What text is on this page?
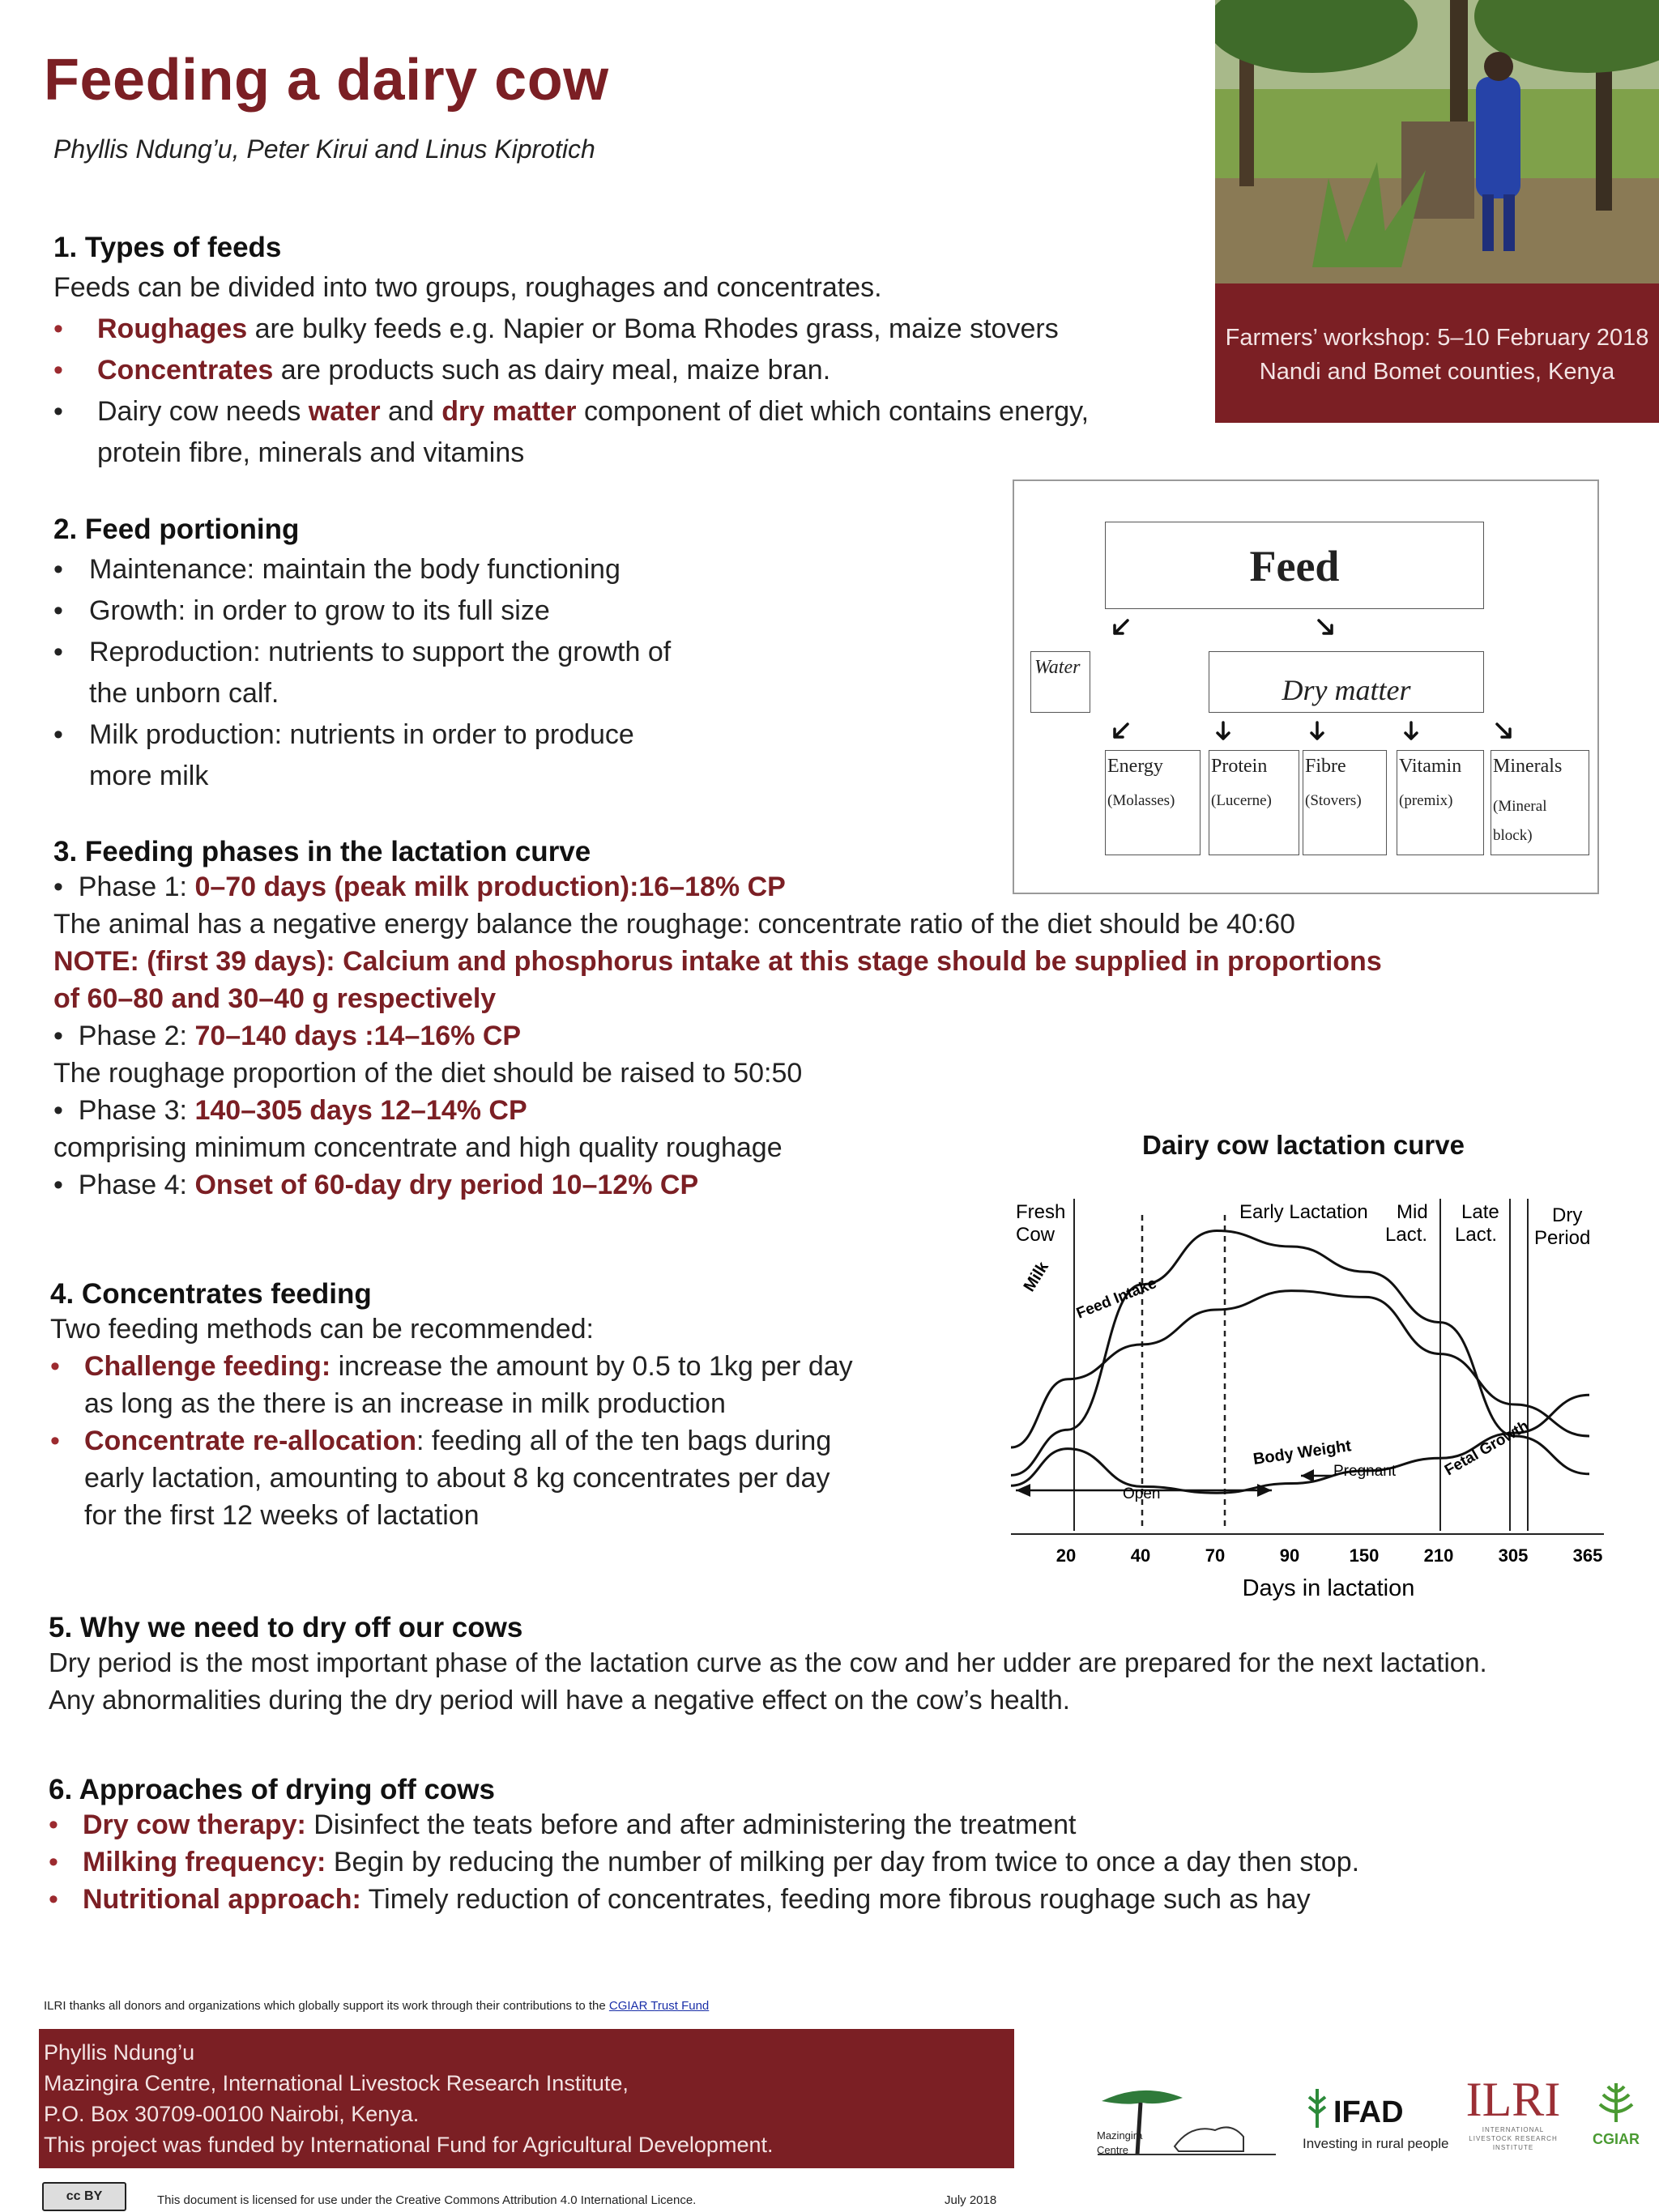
Feeding a dairy cow
Phyllis Ndung’u, Peter Kirui and Linus Kiprotich
Farmers’ workshop: 5–10 February 2018
Nandi and Bomet counties, Kenya
1. Types of feeds
Feeds can be divided into two groups, roughages and concentrates.
• Roughages are bulky feeds e.g. Napier or Boma Rhodes grass, maize stovers
• Concentrates are products such as dairy meal, maize bran.
• Dairy cow needs water and dry matter component of diet which contains energy,
protein fibre, minerals and vitamins
2. Feed portioning
• Maintenance: maintain the body functioning
• Growth: in order to grow to its full size
• Reproduction: nutrients to support the growth of
the unborn calf.
• Milk production: nutrients in order to produce
more milk
Feed
Water
Dry matter
Energy
(Molasses)
Protein
(Lucerne)
Fibre
(Stovers)
Vitamin
(premix)
Minerals
(Mineral block)
3. Feeding phases in the lactation curve
•  Phase 1: 0–70 days (peak milk production):16–18% CP
The animal has a negative energy balance the roughage: concentrate ratio of the diet should be 40:60
NOTE: (first 39 days): Calcium and phosphorus intake at this stage should be supplied in proportions
of 60–80 and 30–40 g respectively
•  Phase 2: 70–140 days :14–16% CP
The roughage proportion of the diet should be raised to 50:50
•  Phase 3: 140–305 days 12–14% CP
comprising minimum concentrate and high quality roughage
•  Phase 4: Onset of 60-day dry period 10–12% CP
Dairy cow lactation curve
Fresh
Cow
Early Lactation Mid
Lact.
Late
Lact.
Dry
Period
Milk Feed Intake
Body Weight	Fetal Growth
Open
Pregnant
20	40	70	90	150	210	305	365
Days in lactation
4. Concentrates feeding
Two feeding methods can be recommended:
• Challenge feeding: increase the amount by 0.5 to 1kg per day
as long as the there is an increase in milk production
• Concentrate re-allocation: feeding all of the ten bags during
early lactation, amounting to about 8 kg concentrates per day
for the first 12 weeks of lactation
5. Why we need to dry off our cows
Dry period is the most important phase of the lactation curve as the cow and her udder are prepared for the next lactation.
Any abnormalities during the dry period will have a negative effect on the cow’s health.
6. Approaches of drying off cows
• Dry cow therapy: Disinfect the teats before and after administering the treatment
• Milking frequency: Begin by reducing the number of milking per day from twice to once a day then stop.
• Nutritional approach: Timely reduction of concentrates, feeding more fibrous roughage such as hay
ILRI thanks all donors and organizations which globally support its work through their contributions to the CGIAR Trust Fund
Phyllis Ndung’u
Mazingira Centre, International Livestock Research Institute,
P.O. Box 30709-00100 Nairobi, Kenya.
This project was funded by International Fund for Agricultural Development.
cc BY	This document is licensed for use under the Creative Commons Attribution 4.0 International Licence.	July 2018
Mazingira Centre
IFAD
Investing in rural people
ILRI
INTERNATIONAL LIVESTOCK RESEARCH INSTITUTE
CGIAR
